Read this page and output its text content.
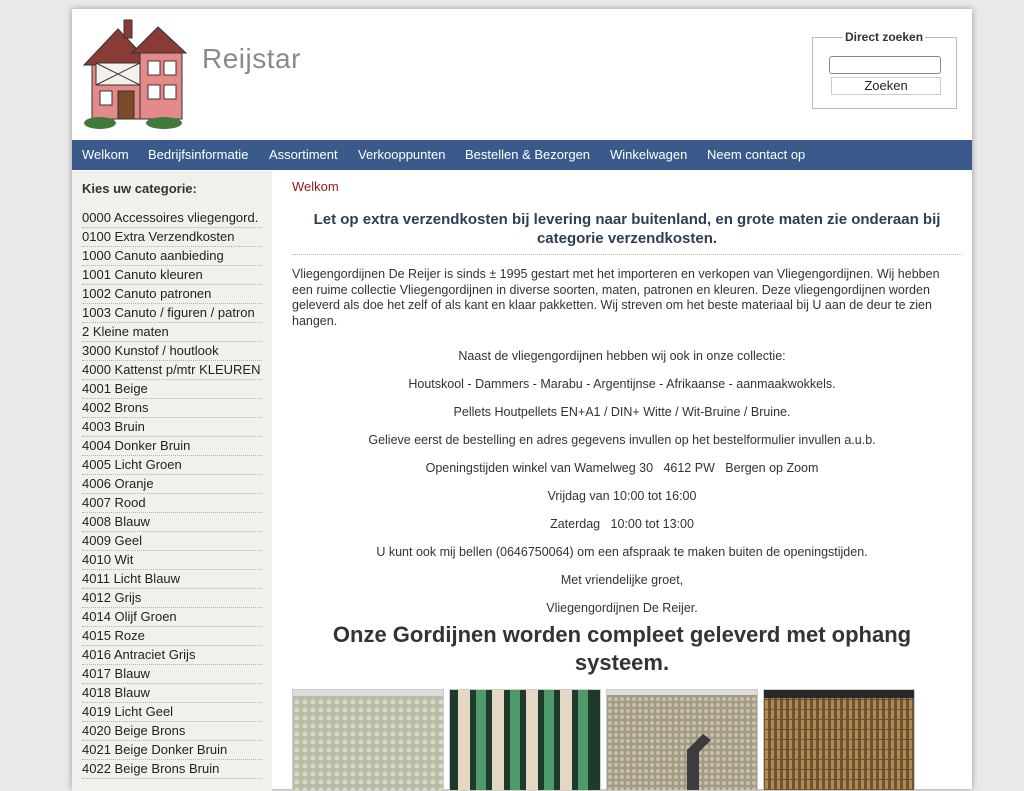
Reijstar
Direct zoeken
Zoeken
Welkom Bedrijfsinformatie Assortiment Verkooppunten Bestellen & Bezorgen Winkelwagen Neem contact op
Kies uw categorie:
0000 Accessoires vliegengord.
0100 Extra Verzendkosten
1000 Canuto aanbieding
1001 Canuto kleuren
1002 Canuto patronen
1003 Canuto / figuren / patron
2 Kleine maten
3000 Kunstof / houtlook
4000 Kattenst p/mtr KLEUREN
4001 Beige
4002 Brons
4003 Bruin
4004 Donker Bruin
4005 Licht Groen
4006 Oranje
4007 Rood
4008 Blauw
4009 Geel
4010 Wit
4011 Licht Blauw
4012 Grijs
4014 Olijf Groen
4015 Roze
4016 Antraciet Grijs
4017 Blauw
4018 Blauw
4019 Licht Geel
4020 Beige Brons
4021 Beige Donker Bruin
4022 Beige Brons Bruin
Welkom
Let op extra verzendkosten bij levering naar buitenland, en grote maten zie onderaan bij categorie verzendkosten.
Vliegengordijnen De Reijer is sinds ± 1995 gestart met het importeren en verkopen van Vliegengordijnen. Wij hebben een ruime collectie Vliegengordijnen in diverse soorten, maten, patronen en kleuren. Deze vliegengordijnen worden geleverd als doe het zelf of als kant en klaar pakketten. Wij streven om het beste materiaal bij U aan de deur te zien hangen.
Naast de vliegengordijnen hebben wij ook in onze collectie:
Houtskool - Dammers - Marabu - Argentijnse - Afrikaanse - aanmaakwokkels.
Pellets Houtpellets EN+A1 / DIN+ Witte / Wit-Bruine / Bruine.
Gelieve eerst de bestelling en adres gegevens invullen op het bestelformulier invullen a.u.b.
Openingstijden winkel van Wamelweg 30   4612 PW   Bergen op Zoom
Vrijdag van 10:00 tot 16:00
Zaterdag   10:00 tot 13:00
U kunt ook mij bellen (0646750064) om een afspraak te maken buiten de openingstijden.
Met vriendelijke groet,
Vliegengordijnen De Reijer.
Onze Gordijnen worden compleet geleverd met ophang systeem.
